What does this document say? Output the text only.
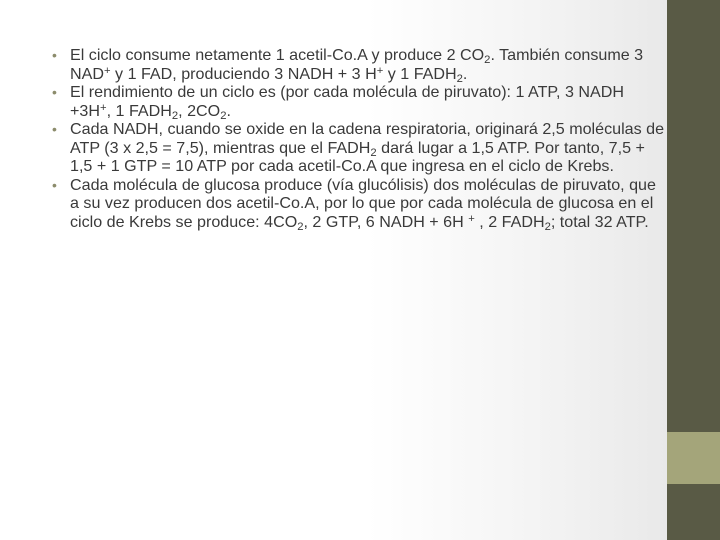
• El ciclo consume netamente 1 acetil-Co.A y produce 2 $CO_2$. También consume 3 NAD+ y 1 FAD, produciendo 3 NADH + 3 H+ y 1 $FADH_2$.
• El rendimiento de un ciclo es (por cada molécula de piruvato): 1 ATP, 3 NADH +3H+, 1 $FADH_2$, $2CO_2$.
• Cada NADH, cuando se oxide en la cadena respiratoria, originará 2,5 moléculas de ATP (3 x 2,5 = 7,5), mientras que el $FADH_2$ dará lugar a 1,5 ATP. Por tanto, 7,5 + 1,5 + 1 GTP = 10 ATP por cada acetil-Co.A que ingresa en el ciclo de Krebs.
• Cada molécula de glucosa produce (vía glucólisis) dos moléculas de piruvato, que a su vez producen dos acetil-Co.A, por lo que por cada molécula de glucosa en el ciclo de Krebs se produce: $4CO_2$, 2 GTP, 6 NADH + 6H + , 2 $FADH_2$; total 32 ATP.
